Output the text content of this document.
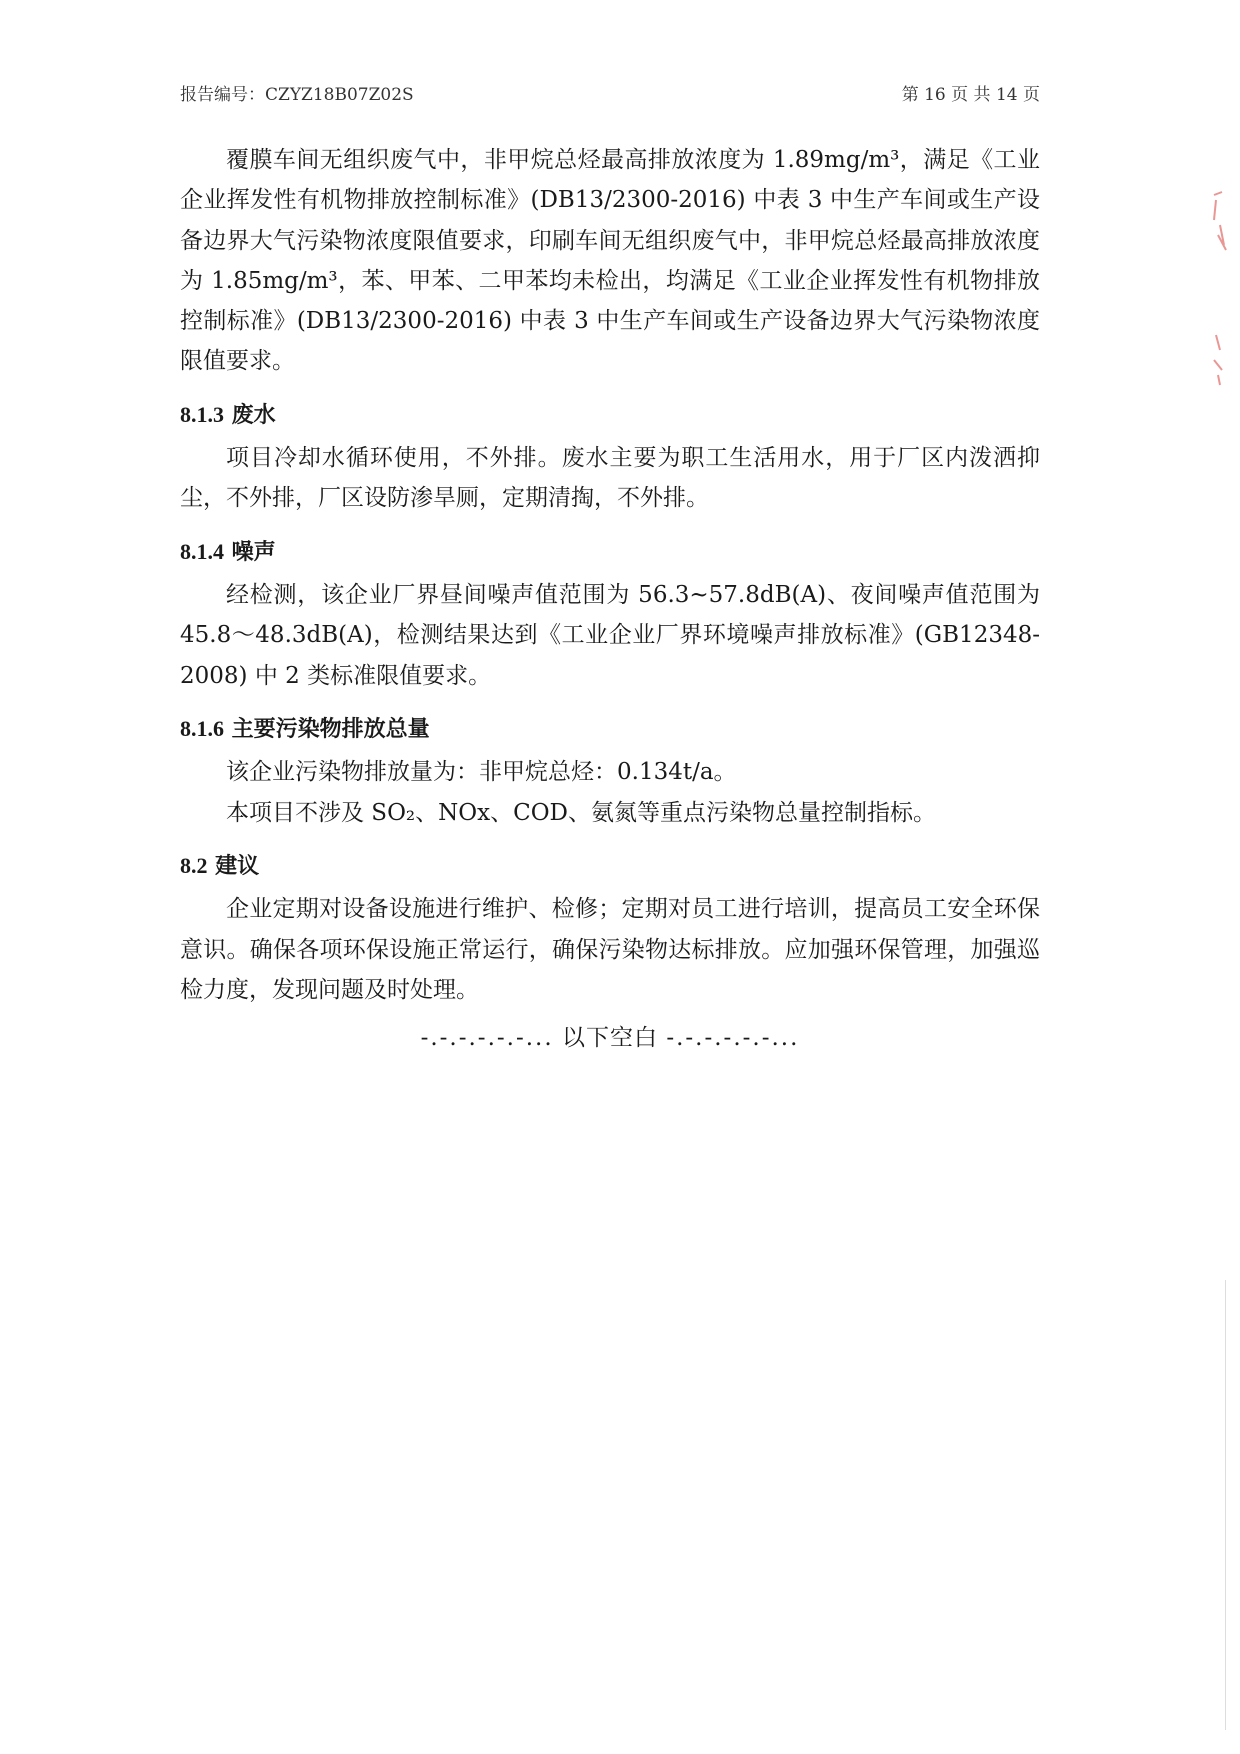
报告编号：CZYZ18B07Z02S	第 16 页 共 14 页

覆膜车间无组织废气中，非甲烷总烃最高排放浓度为 1.89mg/m³，满足《工业企业挥发性有机物排放控制标准》(DB13/2300-2016) 中表 3 中生产车间或生产设备边界大气污染物浓度限值要求，印刷车间无组织废气中，非甲烷总烃最高排放浓度为 1.85mg/m³，苯、甲苯、二甲苯均未检出，均满足《工业企业挥发性有机物排放控制标准》(DB13/2300-2016) 中表 3 中生产车间或生产设备边界大气污染物浓度限值要求。

8.1.3 废水

项目冷却水循环使用，不外排。废水主要为职工生活用水，用于厂区内泼洒抑尘，不外排，厂区设防渗旱厕，定期清掏，不外排。

8.1.4 噪声

经检测，该企业厂界昼间噪声值范围为 56.3~57.8dB(A)、夜间噪声值范围为 45.8～48.3dB(A)，检测结果达到《工业企业厂界环境噪声排放标准》(GB12348-2008) 中 2 类标准限值要求。

8.1.6 主要污染物排放总量

该企业污染物排放量为：非甲烷总烃：0.134t/a。

本项目不涉及 SO₂、NOx、COD、氨氮等重点污染物总量控制指标。

8.2 建议

企业定期对设备设施进行维护、检修；定期对员工进行培训，提高员工安全环保意识。确保各项环保设施正常运行，确保污染物达标排放。应加强环保管理，加强巡检力度，发现问题及时处理。

-.-.-.-.-.-... 以下空白 -.-.-.-.-.-...
